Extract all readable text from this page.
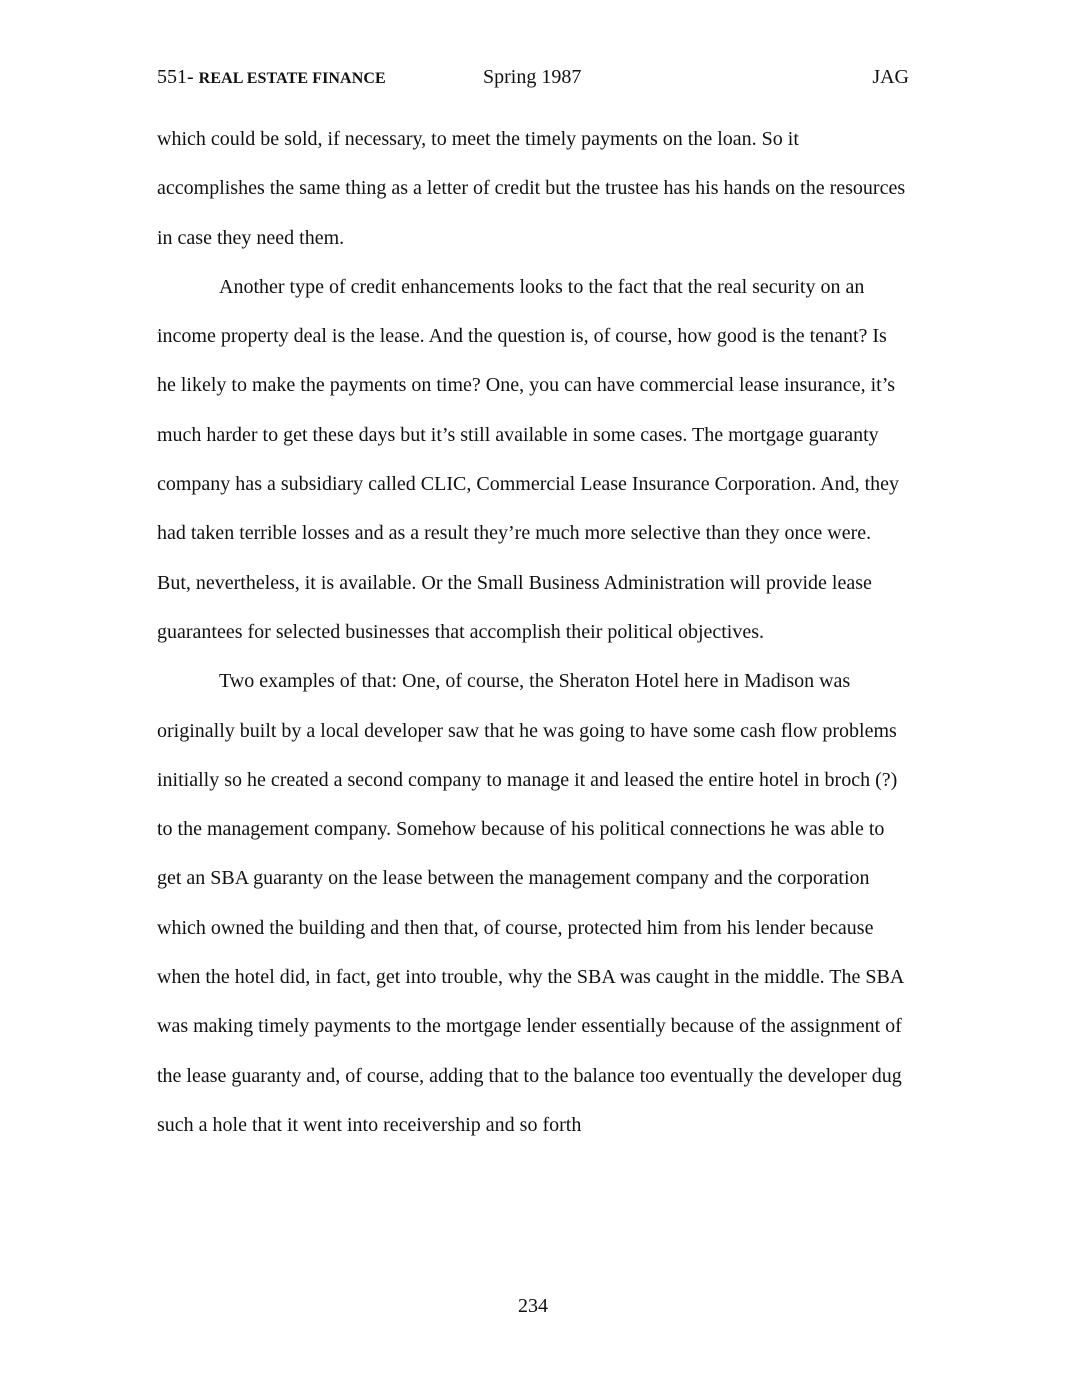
551- REAL ESTATE FINANCE	Spring 1987	JAG

which could be sold, if necessary, to meet the timely payments on the loan. So it accomplishes the same thing as a letter of credit but the trustee has his hands on the resources in case they need them.

Another type of credit enhancements looks to the fact that the real security on an income property deal is the lease. And the question is, of course, how good is the tenant? Is he likely to make the payments on time? One, you can have commercial lease insurance, it’s much harder to get these days but it’s still available in some cases. The mortgage guaranty company has a subsidiary called CLIC, Commercial Lease Insurance Corporation. And, they had taken terrible losses and as a result they’re much more selective than they once were. But, nevertheless, it is available. Or the Small Business Administration will provide lease guarantees for selected businesses that accomplish their political objectives.

Two examples of that: One, of course, the Sheraton Hotel here in Madison was originally built by a local developer saw that he was going to have some cash flow problems initially so he created a second company to manage it and leased the entire hotel in broch (?) to the management company. Somehow because of his political connections he was able to get an SBA guaranty on the lease between the management company and the corporation which owned the building and then that, of course, protected him from his lender because when the hotel did, in fact, get into trouble, why the SBA was caught in the middle. The SBA was making timely payments to the mortgage lender essentially because of the assignment of the lease guaranty and, of course, adding that to the balance too eventually the developer dug such a hole that it went into receivership and so forth

234
